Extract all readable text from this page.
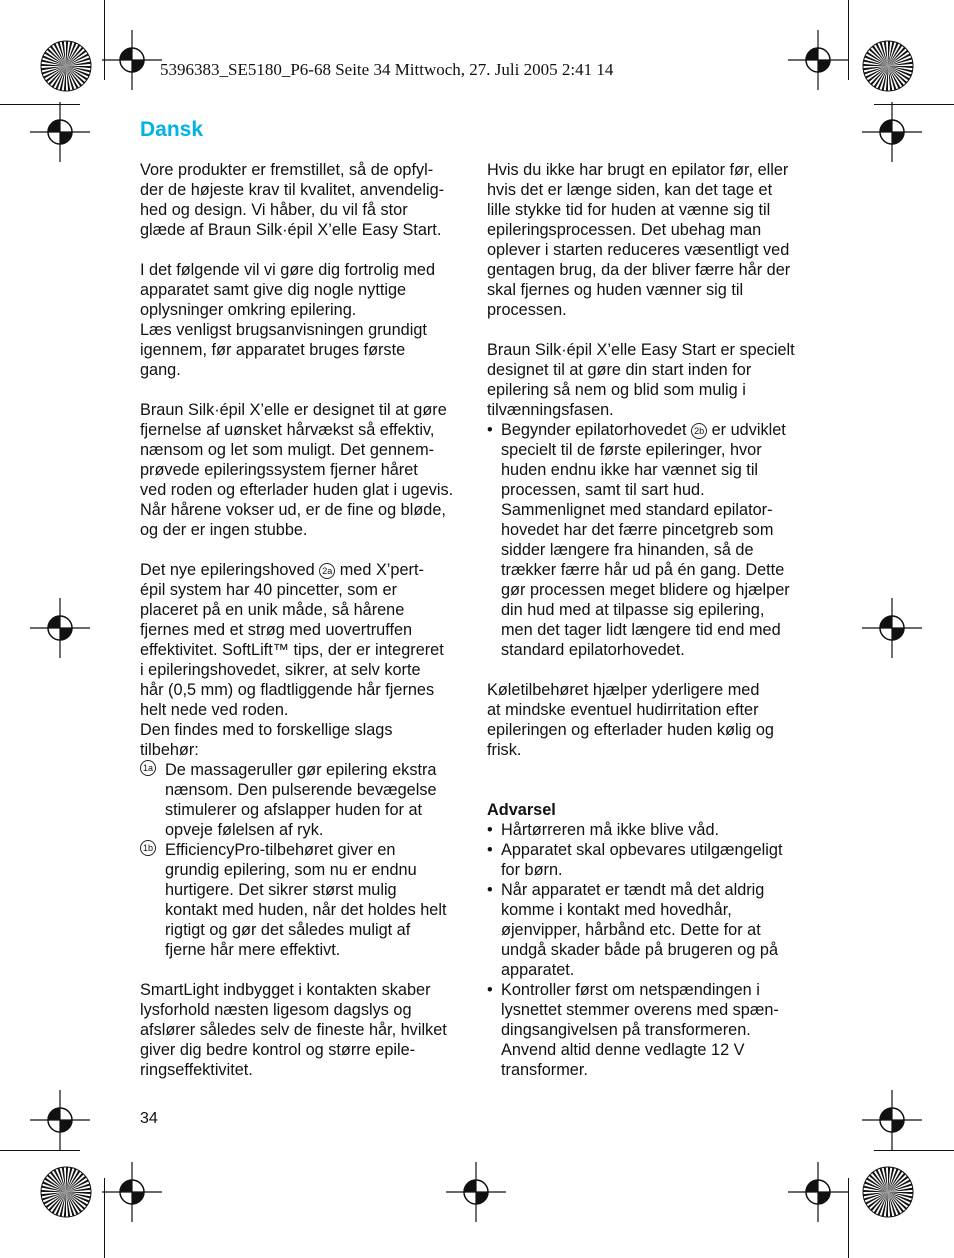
5396383_SE5180_P6-68 Seite 34 Mittwoch, 27. Juli 2005 2:41 14
Dansk

Vore produkter er fremstillet, så de opfyl-
der de højeste krav til kvalitet, anvendelig-
hed og design. Vi håber, du vil få stor
glæde af Braun Silk·épil X’elle Easy Start.

I det følgende vil vi gøre dig fortrolig med
apparatet samt give dig nogle nyttige
oplysninger omkring epilering.
Læs venligst brugsanvisningen grundigt
igennem, før apparatet bruges første
gang.

Braun Silk·épil X’elle er designet til at gøre
fjernelse af uønsket hårvækst så effektiv,
nænsom og let som muligt. Det gennem-
prøvede epileringssystem fjerner håret
ved roden og efterlader huden glat i ugevis.
Når hårene vokser ud, er de fine og bløde,
og der er ingen stubbe.

Det nye epileringshoved 2a med X’pert-
épil system har 40 pincetter, som er
placeret på en unik måde, så hårene
fjernes med et strøg med uovertruffen
effektivitet. SoftLift™ tips, der er integreret
i epileringshovedet, sikrer, at selv korte
hår (0,5 mm) og fladtliggende hår fjernes
helt nede ved roden.
Den findes med to forskellige slags
tilbehør:

1a De massageruller gør epilering ekstra
nænsom. Den pulserende bevægelse
stimulerer og afslapper huden for at
opveje følelsen af ryk.

1b EfficiencyPro-tilbehøret giver en
grundig epilering, som nu er endnu
hurtigere. Det sikrer størst mulig
kontakt med huden, når det holdes helt
rigtigt og gør det således muligt af
fjerne hår mere effektivt.

SmartLight indbygget i kontakten skaber
lysforhold næsten ligesom dagslys og
afslører således selv de fineste hår, hvilket
giver dig bedre kontrol og større epile-
ringseffektivitet.

Hvis du ikke har brugt en epilator før, eller
hvis det er længe siden, kan det tage et
lille stykke tid for huden at vænne sig til
epileringsprocessen. Det ubehag man
oplever i starten reduceres væsentligt ved
gentagen brug, da der bliver færre hår der
skal fjernes og huden vænner sig til
processen.

Braun Silk·épil X’elle Easy Start er specielt
designet til at gøre din start inden for
epilering så nem og blid som mulig i
tilvænningsfasen.

• Begynder epilatorhovedet 2b er udviklet
specielt til de første epileringer, hvor
huden endnu ikke har vænnet sig til
processen, samt til sart hud.
Sammenlignet med standard epilator-
hovedet har det færre pincetgreb som
sidder længere fra hinanden, så de
trækker færre hår ud på én gang. Dette
gør processen meget blidere og hjælper
din hud med at tilpasse sig epilering,
men det tager lidt længere tid end med
standard epilatorhovedet.

Køletilbehøret hjælper yderligere med
at mindske eventuel hudirritation efter
epileringen og efterlader huden kølig og
frisk.

Advarsel

• Hårtørreren må ikke blive våd.

• Apparatet skal opbevares utilgængeligt
for børn.

• Når apparatet er tændt må det aldrig
komme i kontakt med hovedhår,
øjenvipper, hårbånd etc. Dette for at
undgå skader både på brugeren og på
apparatet.

• Kontroller først om netspændingen i
lysnettet stemmer overens med spæn-
dingsangivelsen på transformeren.
Anvend altid denne vedlagte 12 V
transformer.

34
